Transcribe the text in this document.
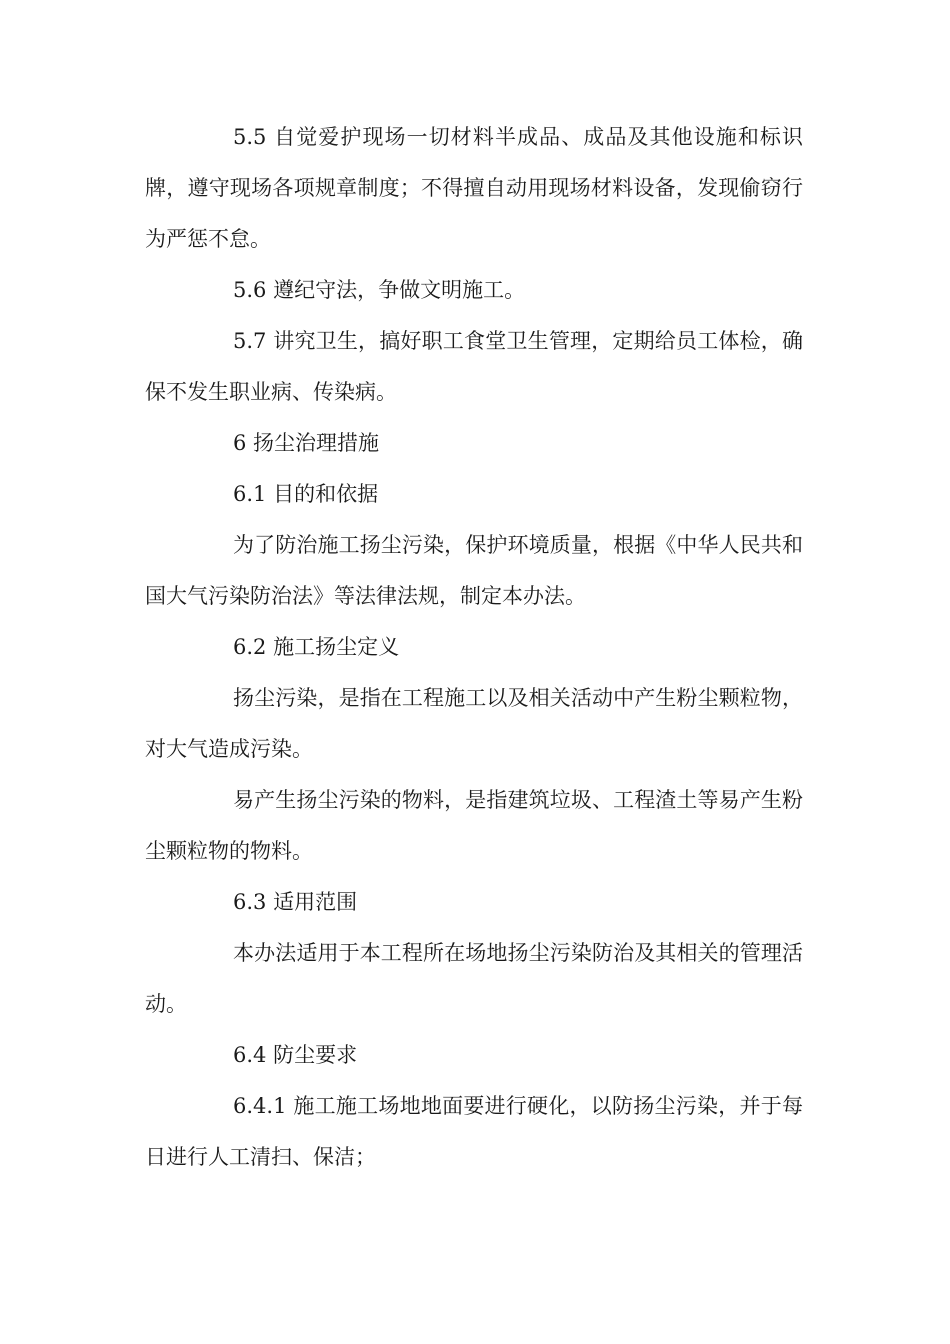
5.5 自觉爱护现场一切材料半成品、成品及其他设施和标识牌，遵守现场各项规章制度；不得擅自动用现场材料设备，发现偷窃行为严惩不怠。

5.6 遵纪守法，争做文明施工。

5.7 讲究卫生，搞好职工食堂卫生管理，定期给员工体检，确保不发生职业病、传染病。

6 扬尘治理措施

6.1 目的和依据

为了防治施工扬尘污染，保护环境质量，根据《中华人民共和国大气污染防治法》等法律法规，制定本办法。

6.2 施工扬尘定义

扬尘污染，是指在工程施工以及相关活动中产生粉尘颗粒物，对大气造成污染。

易产生扬尘污染的物料，是指建筑垃圾、工程渣土等易产生粉尘颗粒物的物料。

6.3 适用范围

本办法适用于本工程所在场地扬尘污染防治及其相关的管理活动。

6.4 防尘要求

6.4.1 施工施工场地地面要进行硬化，以防扬尘污染，并于每日进行人工清扫、保洁；
